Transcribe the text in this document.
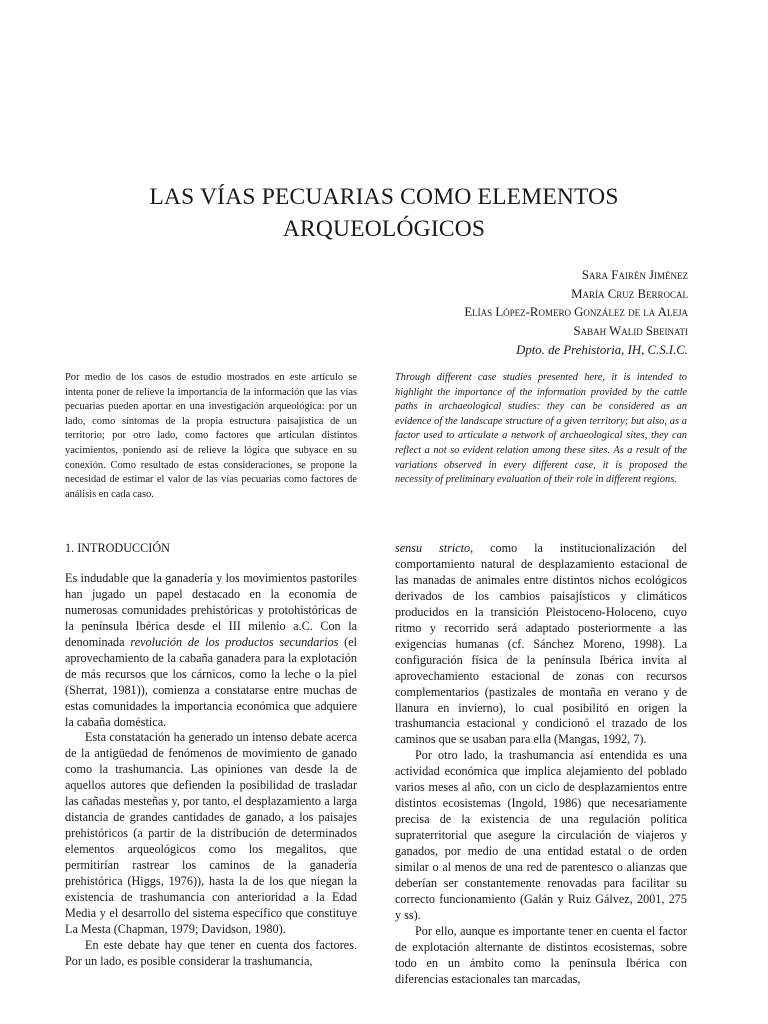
LAS VÍAS PECUARIAS COMO ELEMENTOS
ARQUEOLÓGICOS
Sara Fairén Jiménez
María Cruz Berrocal
Elías López-Romero González de la Aleja
Sabah Walid Sbeinati
Dpto. de Prehistoria, IH, C.S.I.C.
Por medio de los casos de estudio mostrados en este artículo se intenta poner de relieve la importancia de la información que las vías pecuarias pueden aportar en una investigación arqueológica: por un lado, como síntomas de la propia estructura paisajística de un territorio; por otro lado, como factores que articulan distintos yacimientos, poniendo así de relieve la lógica que subyace en su conexión. Como resultado de estas consideraciones, se propone la necesidad de estimar el valor de las vías pecuarias como factores de análisis en cada caso.
Through different case studies presented here, it is intended to highlight the importance of the information provided by the cattle paths in archaeological studies: they can be considered as an evidence of the landscape structure of a given territory; but also, as a factor used to articulate a network of archaeological sites, they can reflect a not so evident relation among these sites. As a result of the variations observed in every different case, it is proposed the necessity of preliminary evaluation of their role in different regions.
1. INTRODUCCIÓN

Es indudable que la ganadería y los movimientos pastoriles han jugado un papel destacado en la economía de numerosas comunidades prehistóricas y protohistóricas de la península Ibérica desde el III milenio a.C. Con la denominada revolución de los productos secundarios (el aprovechamiento de la cabaña ganadera para la explotación de más recursos que los cárnicos, como la leche o la piel (Sherrat, 1981)), comienza a constatarse entre muchas de estas comunidades la importancia económica que adquiere la cabaña doméstica.

Esta constatación ha generado un intenso debate acerca de la antigüedad de fenómenos de movimiento de ganado como la trashumancia. Las opiniones van desde la de aquellos autores que defienden la posibilidad de trasladar las cañadas mesteñas y, por tanto, el desplazamiento a larga distancia de grandes cantidades de ganado, a los paisajes prehistóricos (a partir de la distribución de determinados elementos arqueológicos como los megalitos, que permitirían rastrear los caminos de la ganadería prehistórica (Higgs, 1976)), hasta la de los que niegan la existencia de trashumancia con anterioridad a la Edad Media y el desarrollo del sistema específico que constituye La Mesta (Chapman, 1979; Davidson, 1980).

En este debate hay que tener en cuenta dos factores. Por un lado, es posible considerar la trashumancia,

sensu stricto, como la institucionalización del comportamiento natural de desplazamiento estacional de las manadas de animales entre distintos nichos ecológicos derivados de los cambios paisajísticos y climáticos producidos en la transición Pleistoceno-Holoceno, cuyo ritmo y recorrido será adaptado posteriormente a las exigencias humanas (cf. Sánchez Moreno, 1998). La configuración física de la península Ibérica invita al aprovechamiento estacional de zonas con recursos complementarios (pastizales de montaña en verano y de llanura en invierno), lo cual posibilitó en origen la trashumancia estacional y condicionó el trazado de los caminos que se usaban para ella (Mangas, 1992, 7).

Por otro lado, la trashumancia así entendida es una actividad económica que implica alejamiento del poblado varios meses al año, con un ciclo de desplazamientos entre distintos ecosistemas (Ingold, 1986) que necesariamente precisa de la existencia de una regulación política supraterritorial que asegure la circulación de viajeros y ganados, por medio de una entidad estatal o de orden similar o al menos de una red de parentesco o alianzas que deberían ser constantemente renovadas para facilitar su correcto funcionamiento (Galán y Ruiz Gálvez, 2001, 275 y ss).

Por ello, aunque es importante tener en cuenta el factor de explotación alternante de distintos ecosistemas, sobre todo en un ámbito como la península Ibérica con diferencias estacionales tan marcadas,
